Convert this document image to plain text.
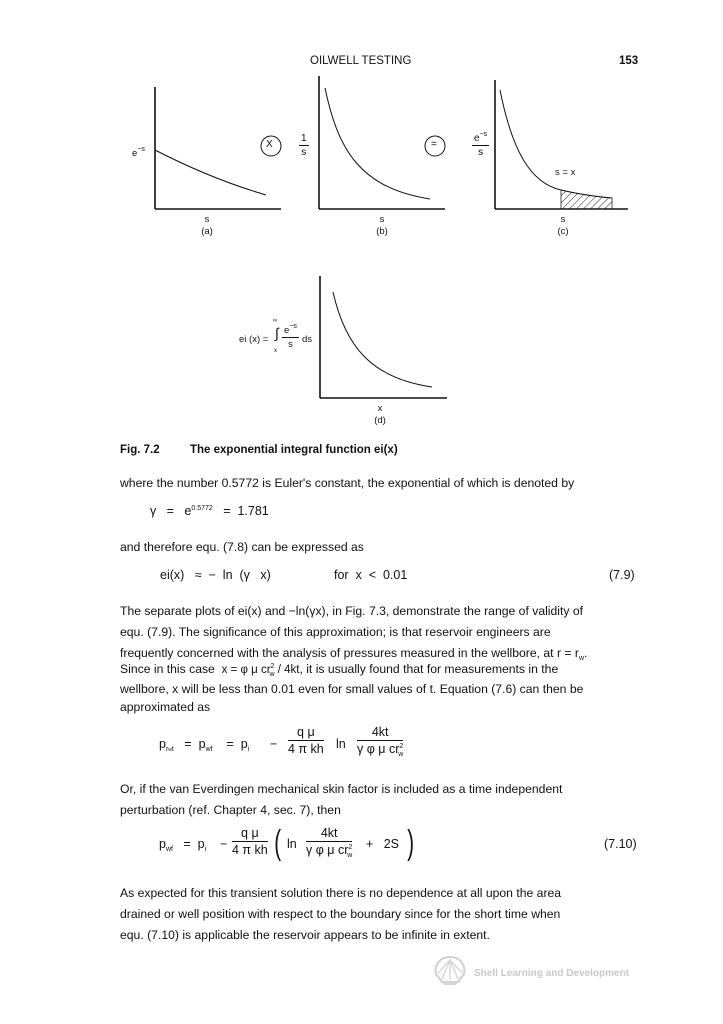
OILWELL TESTING	153
$e^{-s}$
s
(a)
X	$\frac{1}{s}$
s
(b)
=	$\frac{e^{-s}}{s}$
s = x
s
(c)
ei (x) = ∫
∞
x
$\frac{e^{-s}}{s}$ ds
x
(d)
Fig. 7.2	The exponential integral function ei(x)
where the number 0.5772 is Euler's constant, the exponential of which is denoted by
$\gamma = e^{0.5772} = 1.781$
and therefore equ. (7.8) can be expressed as
ei(x) ≈ −  ln  (γ   x)	for  x  <  0.01	(7.9)
The separate plots of ei(x) and −ln(γx), in Fig. 7.3, demonstrate the range of validity of
equ. (7.9). The significance of this approximation; is that reservoir engineers are
frequently concerned with the analysis of pressures measured in the wellbore, at $r = r_w$.
Since in this case x = φ μ $cr^2_w / 4kt$, it is usually found that for measurements in the
wellbore, x will be less than 0.01 even for small values of t. Equation (7.6) can then be
approximated as
$p_{rwt} = p_{wf} = p_i - \frac{\text{q μ}}{\text{4 π kh}}$ $\ln \frac{4kt}{\gamma \varphi \mu cr^2_w}$
Or, if the van Everdingen mechanical skin factor is included as a time independent
perturbation (ref. Chapter 4, sec. 7), then
$p_{wf} = p_i - \frac{\text{q μ}}{\text{4 π kh}}$ ( $\ln \frac{4kt}{\gamma \varphi \mu cr^2_w} + 2S$ )	(7.10)
As expected for this transient solution there is no dependence at all upon the area
drained or well position with respect to the boundary since for the short time when
equ. (7.10) is applicable the reservoir appears to be infinite in extent.
Shell Learning and Development
